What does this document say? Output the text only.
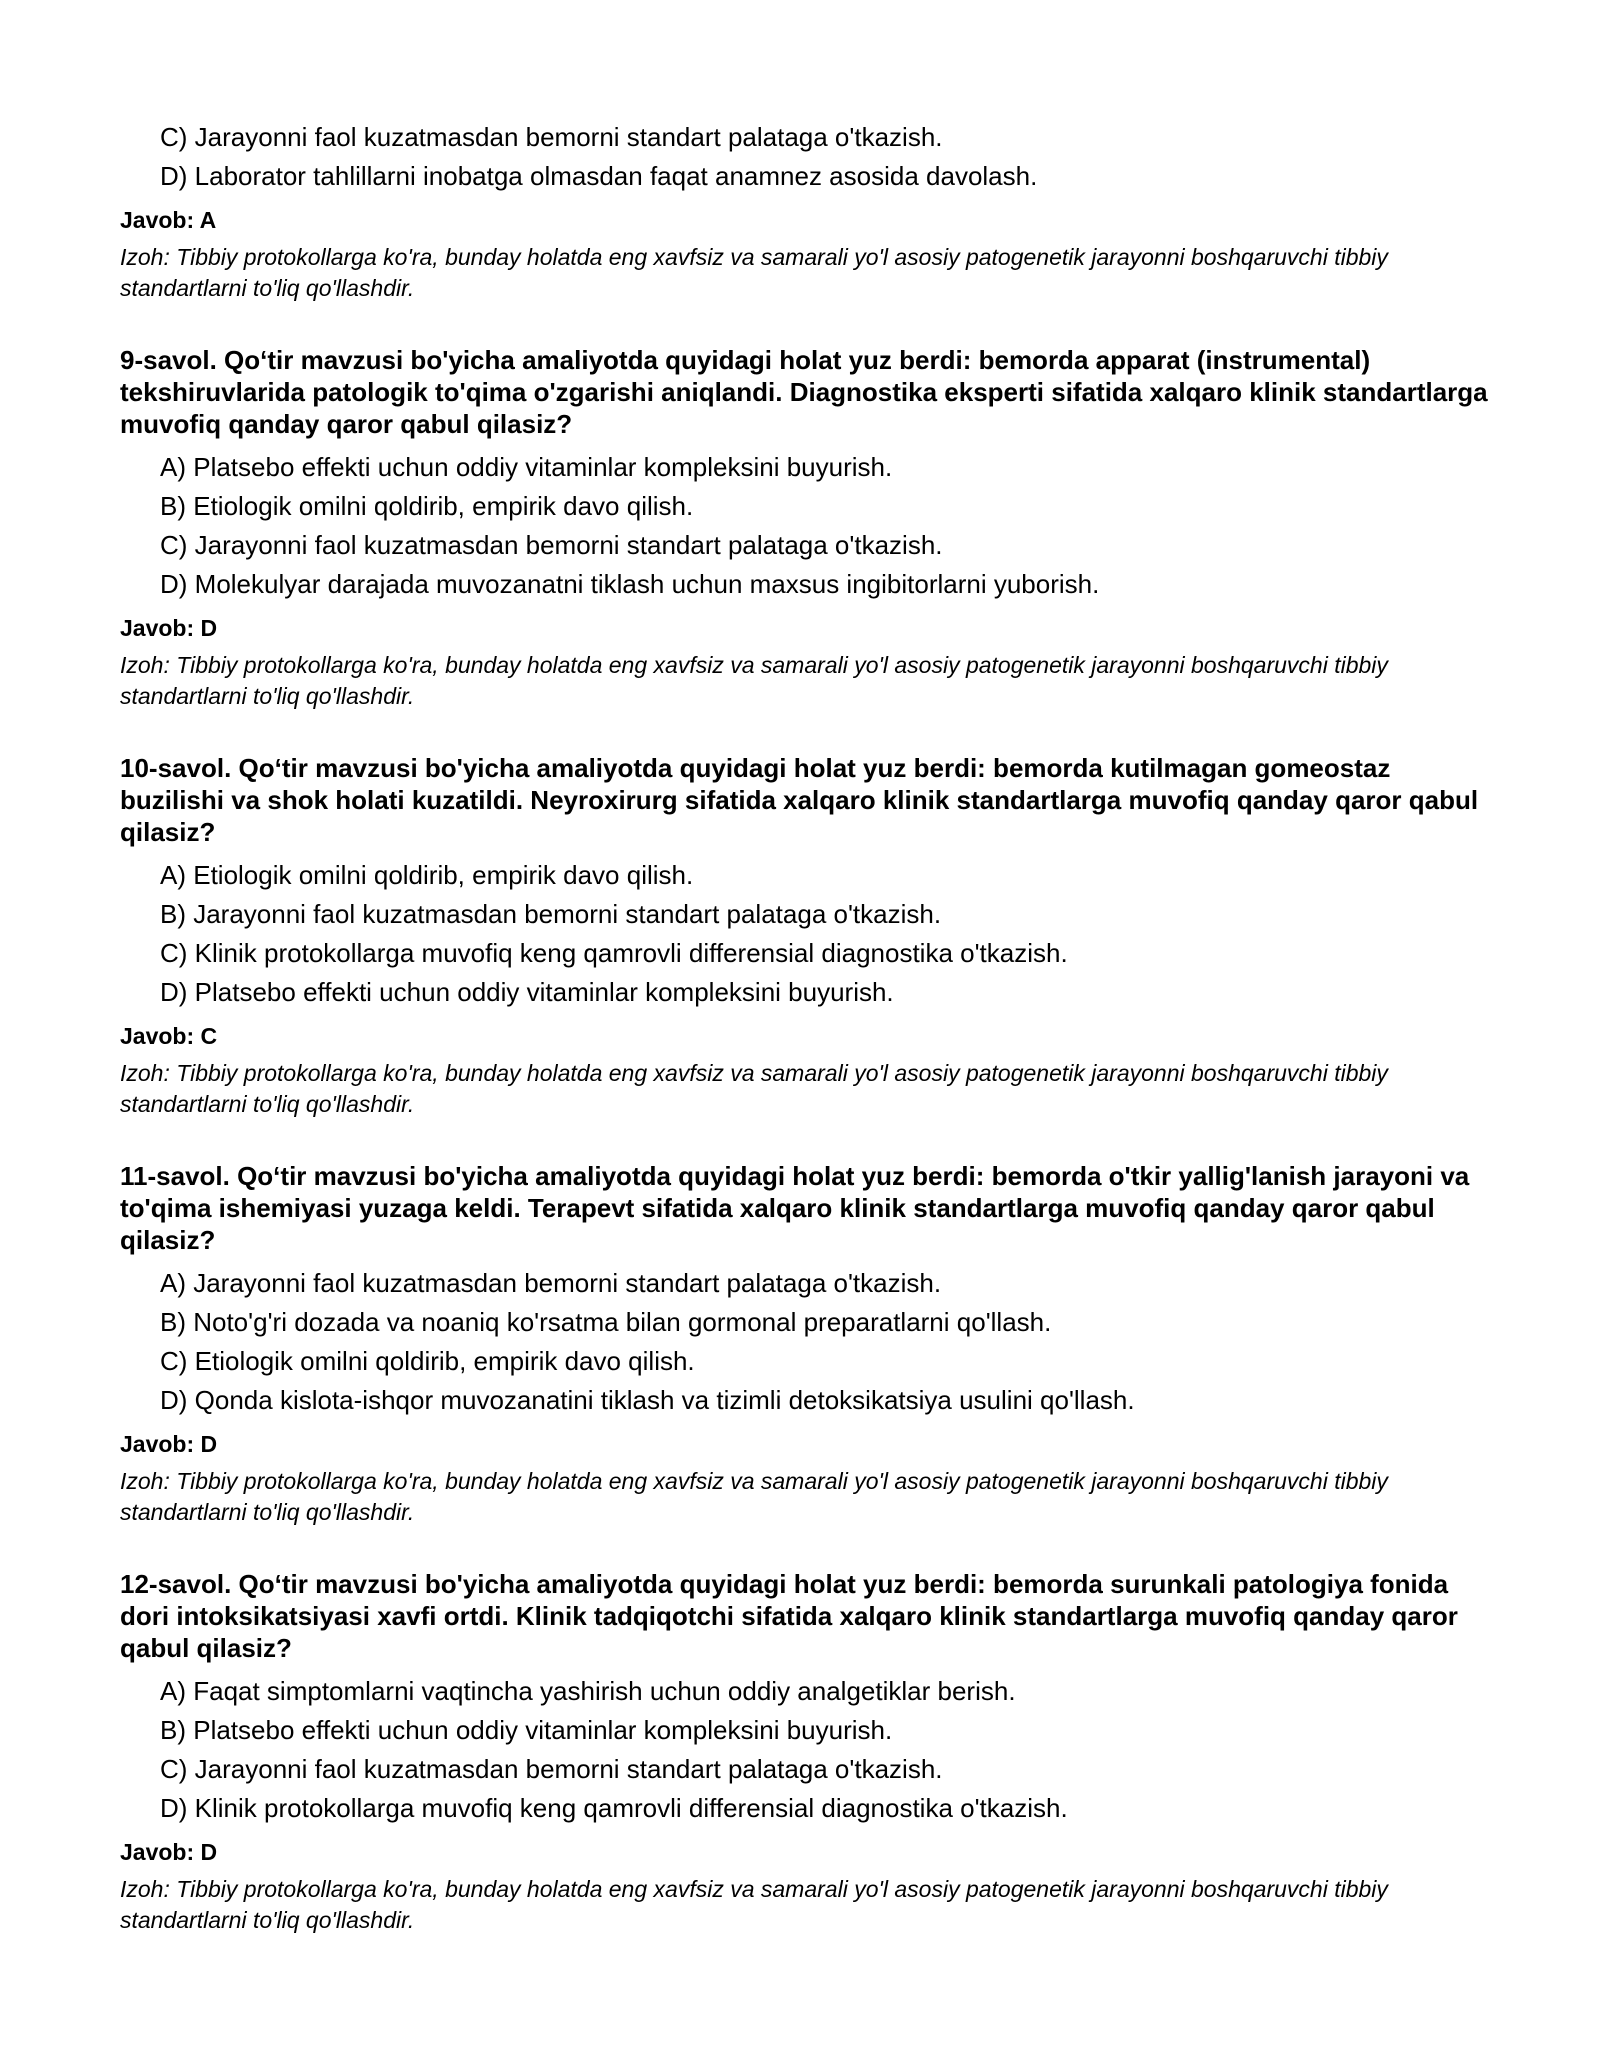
C) Jarayonni faol kuzatmasdan bemorni standart palataga o'tkazish.
D) Laborator tahlillarni inobatga olmasdan faqat anamnez asosida davolash.
Javob: A
Izoh: Tibbiy protokollarga ko'ra, bunday holatda eng xavfsiz va samarali yo'l asosiy patogenetik jarayonni boshqaruvchi tibbiy standartlarni to'liq qo'llashdir.
9-savol. Qo‘tir mavzusi bo'yicha amaliyotda quyidagi holat yuz berdi: bemorda apparat (instrumental) tekshiruvlarida patologik to'qima o'zgarishi aniqlandi. Diagnostika eksperti sifatida xalqaro klinik standartlarga muvofiq qanday qaror qabul qilasiz?
A) Platsebo effekti uchun oddiy vitaminlar kompleksini buyurish.
B) Etiologik omilni qoldirib, empirik davo qilish.
C) Jarayonni faol kuzatmasdan bemorni standart palataga o'tkazish.
D) Molekulyar darajada muvozanatni tiklash uchun maxsus ingibitorlarni yuborish.
Javob: D
Izoh: Tibbiy protokollarga ko'ra, bunday holatda eng xavfsiz va samarali yo'l asosiy patogenetik jarayonni boshqaruvchi tibbiy standartlarni to'liq qo'llashdir.
10-savol. Qo‘tir mavzusi bo'yicha amaliyotda quyidagi holat yuz berdi: bemorda kutilmagan gomeostaz buzilishi va shok holati kuzatildi. Neyroxirurg sifatida xalqaro klinik standartlarga muvofiq qanday qaror qabul qilasiz?
A) Etiologik omilni qoldirib, empirik davo qilish.
B) Jarayonni faol kuzatmasdan bemorni standart palataga o'tkazish.
C) Klinik protokollarga muvofiq keng qamrovli differensial diagnostika o'tkazish.
D) Platsebo effekti uchun oddiy vitaminlar kompleksini buyurish.
Javob: C
Izoh: Tibbiy protokollarga ko'ra, bunday holatda eng xavfsiz va samarali yo'l asosiy patogenetik jarayonni boshqaruvchi tibbiy standartlarni to'liq qo'llashdir.
11-savol. Qo‘tir mavzusi bo'yicha amaliyotda quyidagi holat yuz berdi: bemorda o'tkir yallig'lanish jarayoni va to'qima ishemiyasi yuzaga keldi. Terapevt sifatida xalqaro klinik standartlarga muvofiq qanday qaror qabul qilasiz?
A) Jarayonni faol kuzatmasdan bemorni standart palataga o'tkazish.
B) Noto'g'ri dozada va noaniq ko'rsatma bilan gormonal preparatlarni qo'llash.
C) Etiologik omilni qoldirib, empirik davo qilish.
D) Qonda kislota-ishqor muvozanatini tiklash va tizimli detoksikatsiya usulini qo'llash.
Javob: D
Izoh: Tibbiy protokollarga ko'ra, bunday holatda eng xavfsiz va samarali yo'l asosiy patogenetik jarayonni boshqaruvchi tibbiy standartlarni to'liq qo'llashdir.
12-savol. Qo‘tir mavzusi bo'yicha amaliyotda quyidagi holat yuz berdi: bemorda surunkali patologiya fonida dori intoksikatsiyasi xavfi ortdi. Klinik tadqiqotchi sifatida xalqaro klinik standartlarga muvofiq qanday qaror qabul qilasiz?
A) Faqat simptomlarni vaqtincha yashirish uchun oddiy analgetiklar berish.
B) Platsebo effekti uchun oddiy vitaminlar kompleksini buyurish.
C) Jarayonni faol kuzatmasdan bemorni standart palataga o'tkazish.
D) Klinik protokollarga muvofiq keng qamrovli differensial diagnostika o'tkazish.
Javob: D
Izoh: Tibbiy protokollarga ko'ra, bunday holatda eng xavfsiz va samarali yo'l asosiy patogenetik jarayonni boshqaruvchi tibbiy standartlarni to'liq qo'llashdir.
